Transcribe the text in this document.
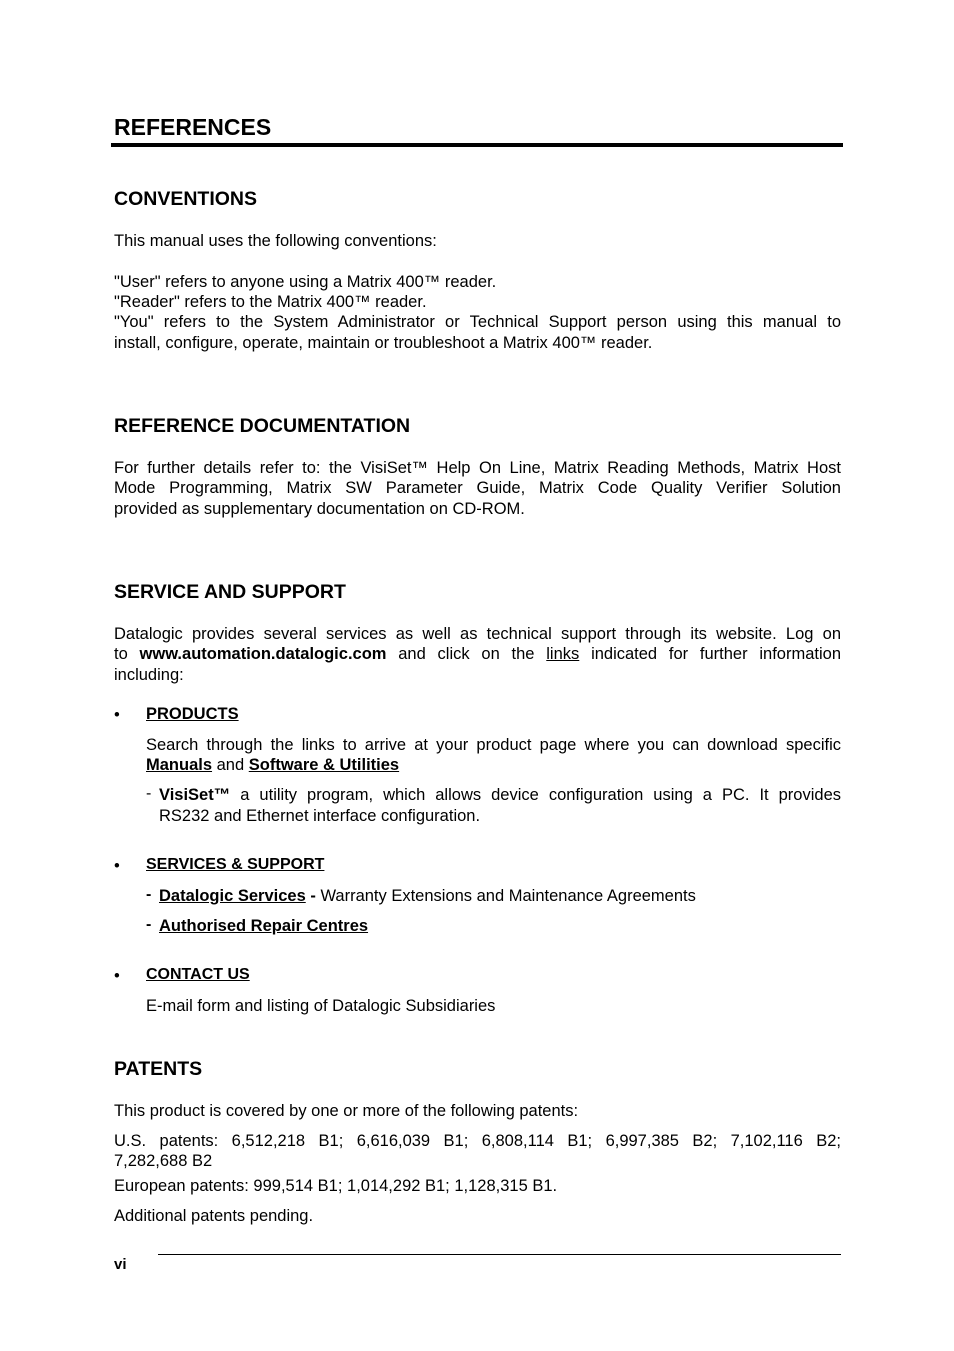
REFERENCES
CONVENTIONS

This manual uses the following conventions:

"User" refers to anyone using a Matrix 400™ reader.

"Reader" refers to the Matrix 400™ reader.

"You" refers to the System Administrator or Technical Support person using this manual to

install, configure, operate, maintain or troubleshoot a Matrix 400™ reader.

REFERENCE DOCUMENTATION

For further details refer to: the VisiSet™ Help On Line, Matrix Reading Methods, Matrix Host

Mode Programming, Matrix SW Parameter Guide, Matrix Code Quality Verifier Solution

provided as supplementary documentation on CD-ROM.

SERVICE AND SUPPORT

Datalogic provides several services as well as technical support through its website. Log on

to www.automation.datalogic.com and click on the links indicated for further information

including:

• PRODUCTS

Search through the links to arrive at your product page where you can download specific

Manuals and Software & Utilities

- VisiSet™ a utility program, which allows device configuration using a PC. It provides

RS232 and Ethernet interface configuration.

• SERVICES & SUPPORT
- Datalogic Services - Warranty Extensions and Maintenance Agreements

- Authorised Repair Centres

• CONTACT US

E-mail form and listing of Datalogic Subsidiaries

PATENTS

This product is covered by one or more of the following patents:

U.S. patents: 6,512,218 B1; 6,616,039 B1; 6,808,114 B1; 6,997,385 B2; 7,102,116 B2;

7,282,688 B2

European patents: 999,514 B1; 1,014,292 B1; 1,128,315 B1.

Additional patents pending.

vi
